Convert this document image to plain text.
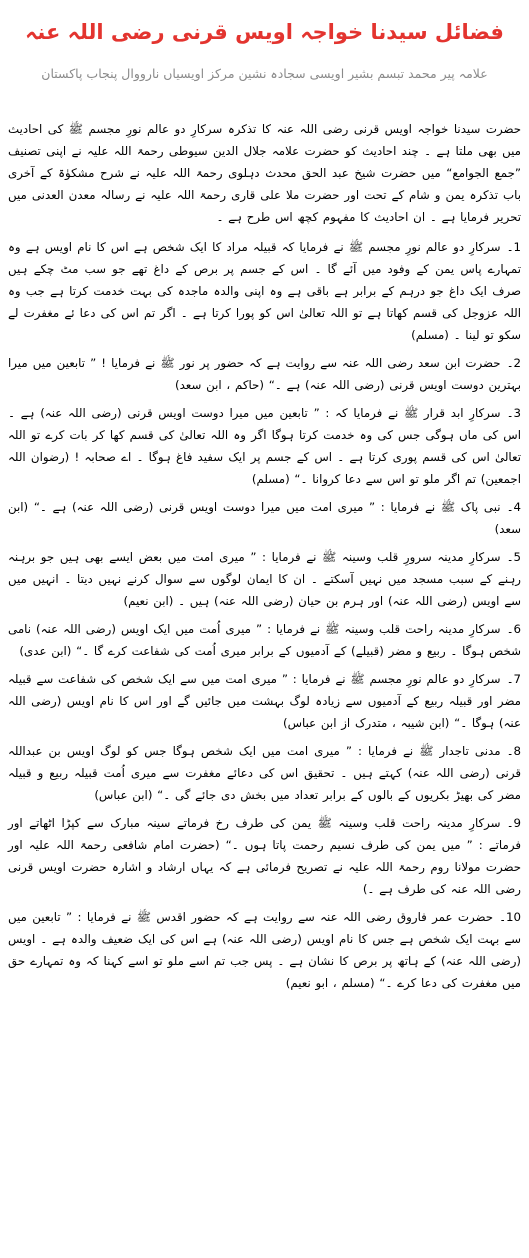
فضائل سیدنا خواجہ اویس قرنی رضی اللہ عنہ
علامہ پیر محمد تبسم بشیر اویسی سجادہ نشین مرکز اویسیاں نارووال پنجاب پاکستان

حضرت سیدنا خواجہ اویس قرنی رضی اللہ عنہ کا تذکرہ سرکارِ دو عالم نورِ مجسم ﷺ کی احادیث میں بھی ملتا ہے ۔ چند احادیث کو حضرت علامہ جلال الدین سیوطی رحمۃ اللہ علیہ نے اپنی تصنیف ”جمع الجوامع“ میں حضرت شیخ عبد الحق محدث دہلوی رحمۃ اللہ علیہ نے شرح مشکوٰۃ کے آخری باب تذکرہ یمن و شام کے تحت اور حضرت ملا علی قاری رحمۃ اللہ علیہ نے رسالہ معدن العدنی میں تحریر فرمایا ہے ۔ ان احادیث کا مفہوم کچھ اس طرح ہے ۔

1۔سرکارِ دو عالم نورِ مجسم ﷺ نے فرمایا کہ قبیلہ مراد کا ایک شخص ہے اس کا نام اویس ہے وہ تمہارے پاس یمن کے وفود میں آئے گا ۔ اس کے جسم پر برص کے داغ تھے جو سب مٹ چکے ہیں صرف ایک داغ جو درہم کے برابر ہے باقی ہے وہ اپنی والدہ ماجدہ کی بہت خدمت کرتا ہے جب وہ اللہ عزوجل کی قسم کھاتا ہے تو اللہ تعالیٰ اس کو پورا کرتا ہے ۔ اگر تم اس کی دعا ئے مغفرت لے سکو تو لینا ۔ (مسلم)

2۔حضرت ابن سعد رضی اللہ عنہ سے روایت ہے کہ حضور پر نور ﷺ نے فرمایا ! ” تابعین میں میرا بہترین دوست اویس قرنی (رضی اللہ عنہ) ہے ۔“ (حاکم ، ابن سعد)

3۔سرکارِ ابد قرار ﷺ نے فرمایا کہ : ” تابعین میں میرا دوست اویس قرنی (رضی اللہ عنہ) ہے ۔ اس کی ماں ہوگی جس کی وہ خدمت کرتا ہوگا اگر وہ اللہ تعالیٰ کی قسم کھا کر بات کرے تو اللہ تعالیٰ اس کی قسم پوری کرتا ہے ۔ اس کے جسم پر ایک سفید فاغ ہوگا ۔ اے صحابہ ! (رضوان اللہ اجمعین) تم اگر ملو تو اس سے دعا کروانا ۔“ (مسلم)

4۔نبی پاک ﷺ نے فرمایا : ” میری امت میں میرا دوست اویس قرنی (رضی اللہ عنہ) ہے ۔“ (ابن سعد)

5۔سرکارِ مدینہ سرورِ قلب وسینہ ﷺ نے فرمایا : ” میری امت میں بعض ایسے بھی ہیں جو برہنہ رہنے کے سبب مسجد میں نہیں آسکتے ۔ ان کا ایمان لوگوں سے سوال کرنے نہیں دیتا ۔ انہیں میں سے اویس (رضی اللہ عنہ) اور ہرم بن حیان (رضی اللہ عنہ) ہیں ۔ (ابن نعیم)

6۔سرکارِ مدینہ راحت قلب وسینہ ﷺ نے فرمایا : ” میری اُمت میں ایک اویس (رضی اللہ عنہ) نامی شخص ہوگا ۔ ربیع و مضر (قبیلے) کے آدمیوں کے برابر میری اُمت کی شفاعت کرے گا ۔“ (ابن عدی)

7۔سرکارِ دو عالم نورِ مجسم ﷺ نے فرمایا : ” میری امت میں سے ایک شخص کی شفاعت سے قبیلہ مضر اور قبیلہ ربیع کے آدمیوں سے زیادہ لوگ بہشت میں جائیں گے اور اس کا نام اویس (رضی اللہ عنہ) ہوگا ۔“ (ابن شیبہ ، متدرک از ابن عباس)

8۔مدنی تاجدار ﷺ نے فرمایا : ” میری امت میں ایک شخص ہوگا جس کو لوگ اویس بن عبداللہ قرنی (رضی اللہ عنہ) کہتے ہیں ۔ تحقیق اس کی دعائے مغفرت سے میری اُمت قبیلہ ربیع و قبیلہ مضر کی بھیڑ بکریوں کے بالوں کے برابر تعداد میں بخش دی جائے گی ۔“ (ابن عباس)

9۔سرکارِ مدینہ راحت قلب وسینہ ﷺ یمن کی طرف رخ فرماتے سینہ مبارک سے کپڑا اٹھاتے اور فرماتے : ” میں یمن کی طرف نسیم رحمت پاتا ہوں ۔“ (حضرت امام شافعی رحمۃ اللہ علیہ اور حضرت مولانا روم رحمۃ اللہ علیہ نے تصریح فرمائی ہے کہ یہاں ارشاد و اشارہ حضرت اویس قرنی رضی اللہ عنہ کی طرف ہے ۔)

10۔حضرت عمر فاروق رضی اللہ عنہ سے روایت ہے کہ حضور اقدس ﷺ نے فرمایا : ” تابعین میں سے بہت ایک شخص ہے جس کا نام اویس (رضی اللہ عنہ) ہے اس کی ایک ضعیف والدہ ہے ۔ اویس (رضی اللہ عنہ) کے ہاتھ پر برص کا نشان ہے ۔ پس جب تم اسے ملو تو اسے کہنا کہ وہ تمہارے حق میں مغفرت کی دعا کرے ۔“ (مسلم ، ابو نعیم)
